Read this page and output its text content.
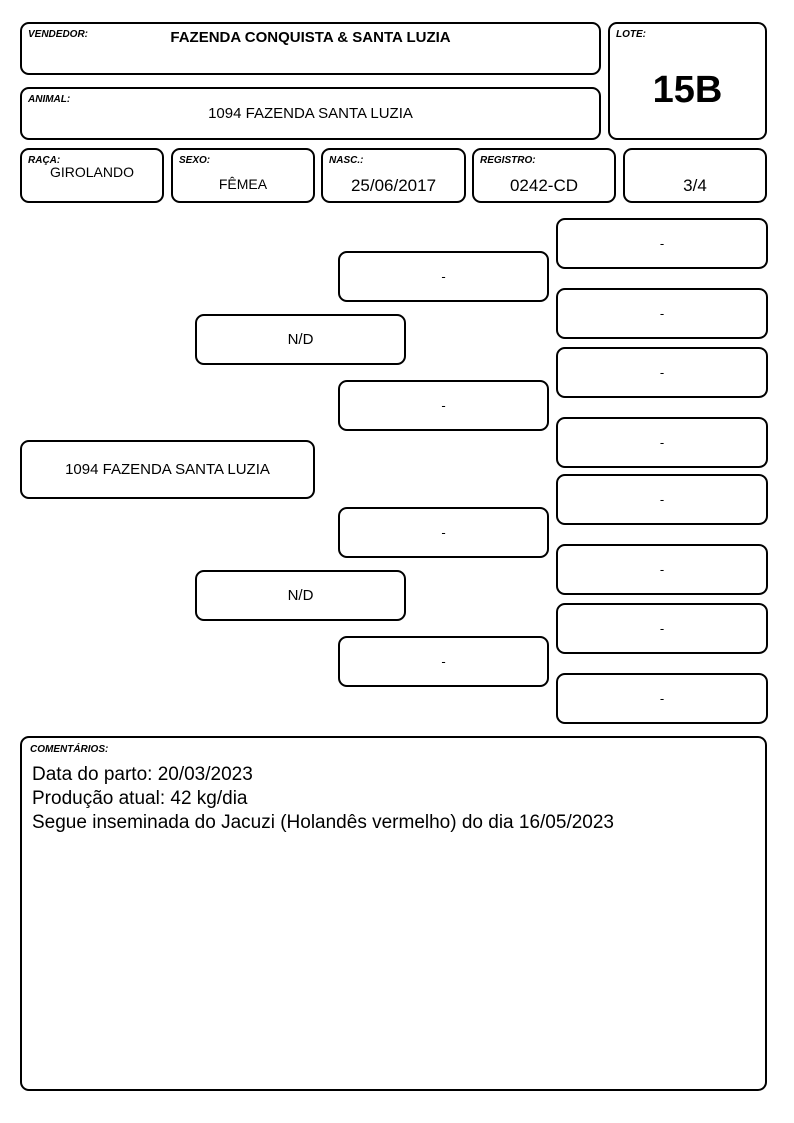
VENDEDOR:	FAZENDA CONQUISTA & SANTA LUZIA	LOTE:
15B
ANIMAL:
1094 FAZENDA SANTA LUZIA
RAÇA:
GIROLANDO
SEXO:
FÊMEA
NASC.:
25/06/2017
REGISTRO:
0242-CD	3/4
1094 FAZENDA SANTA LUZIA
N/D
N/D
-
-
-
-
-
-
-
-
-
-
-
-
COMENTÁRIOS:
Data do parto: 20/03/2023
Produção atual: 42 kg/dia
Segue inseminada do Jacuzi (Holandês vermelho) do dia 16/05/2023
